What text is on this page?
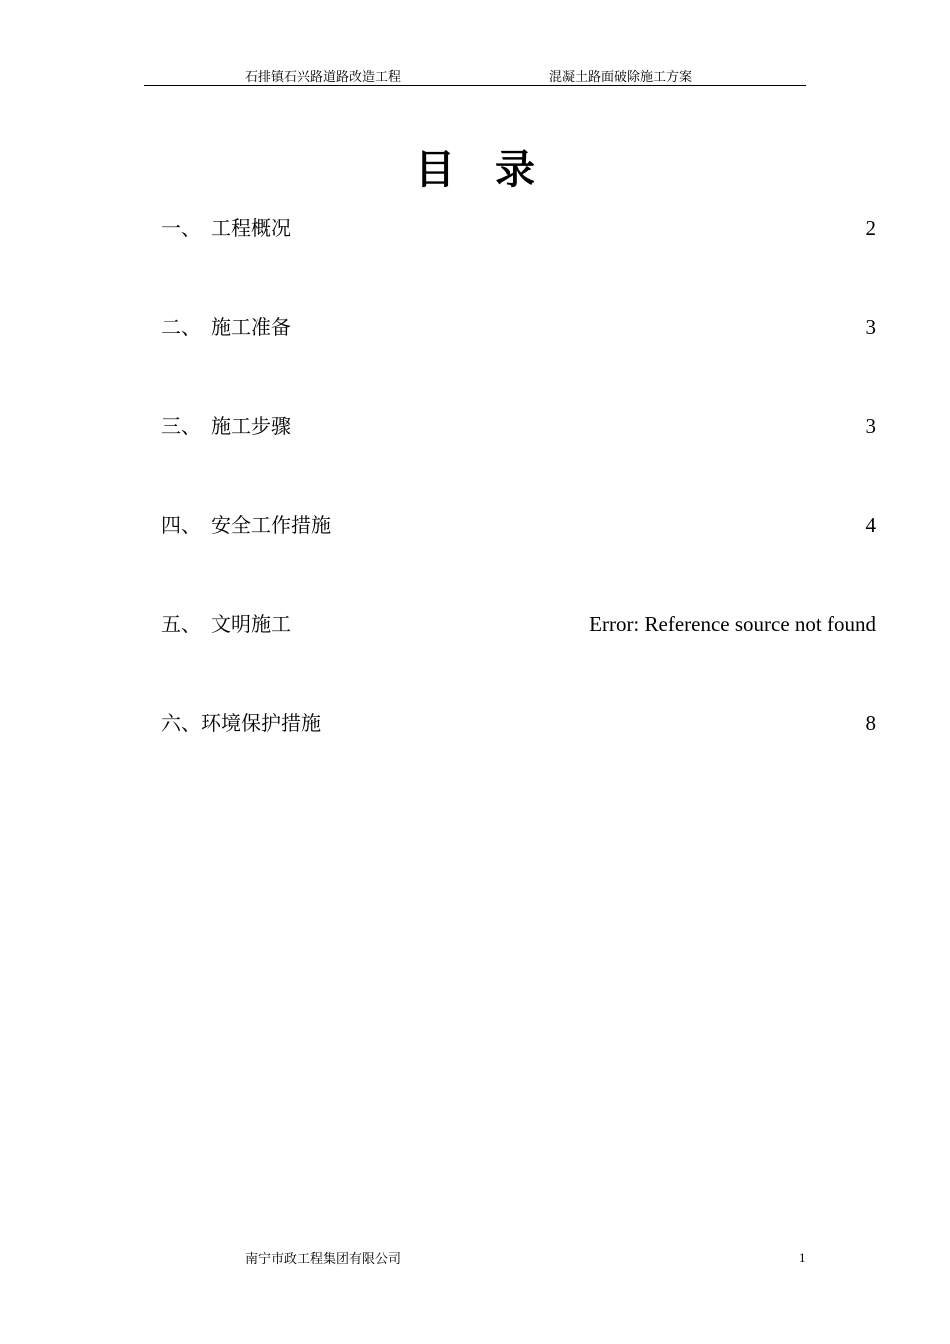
石排镇石兴路道路改造工程	混凝土路面破除施工方案
目录
一、 工程概况	2
二、 施工准备	3
三、 施工步骤	3
四、 安全工作措施	4
五、 文明施工	Error: Reference source not found
六、 环境保护措施	8
南宁市政工程集团有限公司	1
